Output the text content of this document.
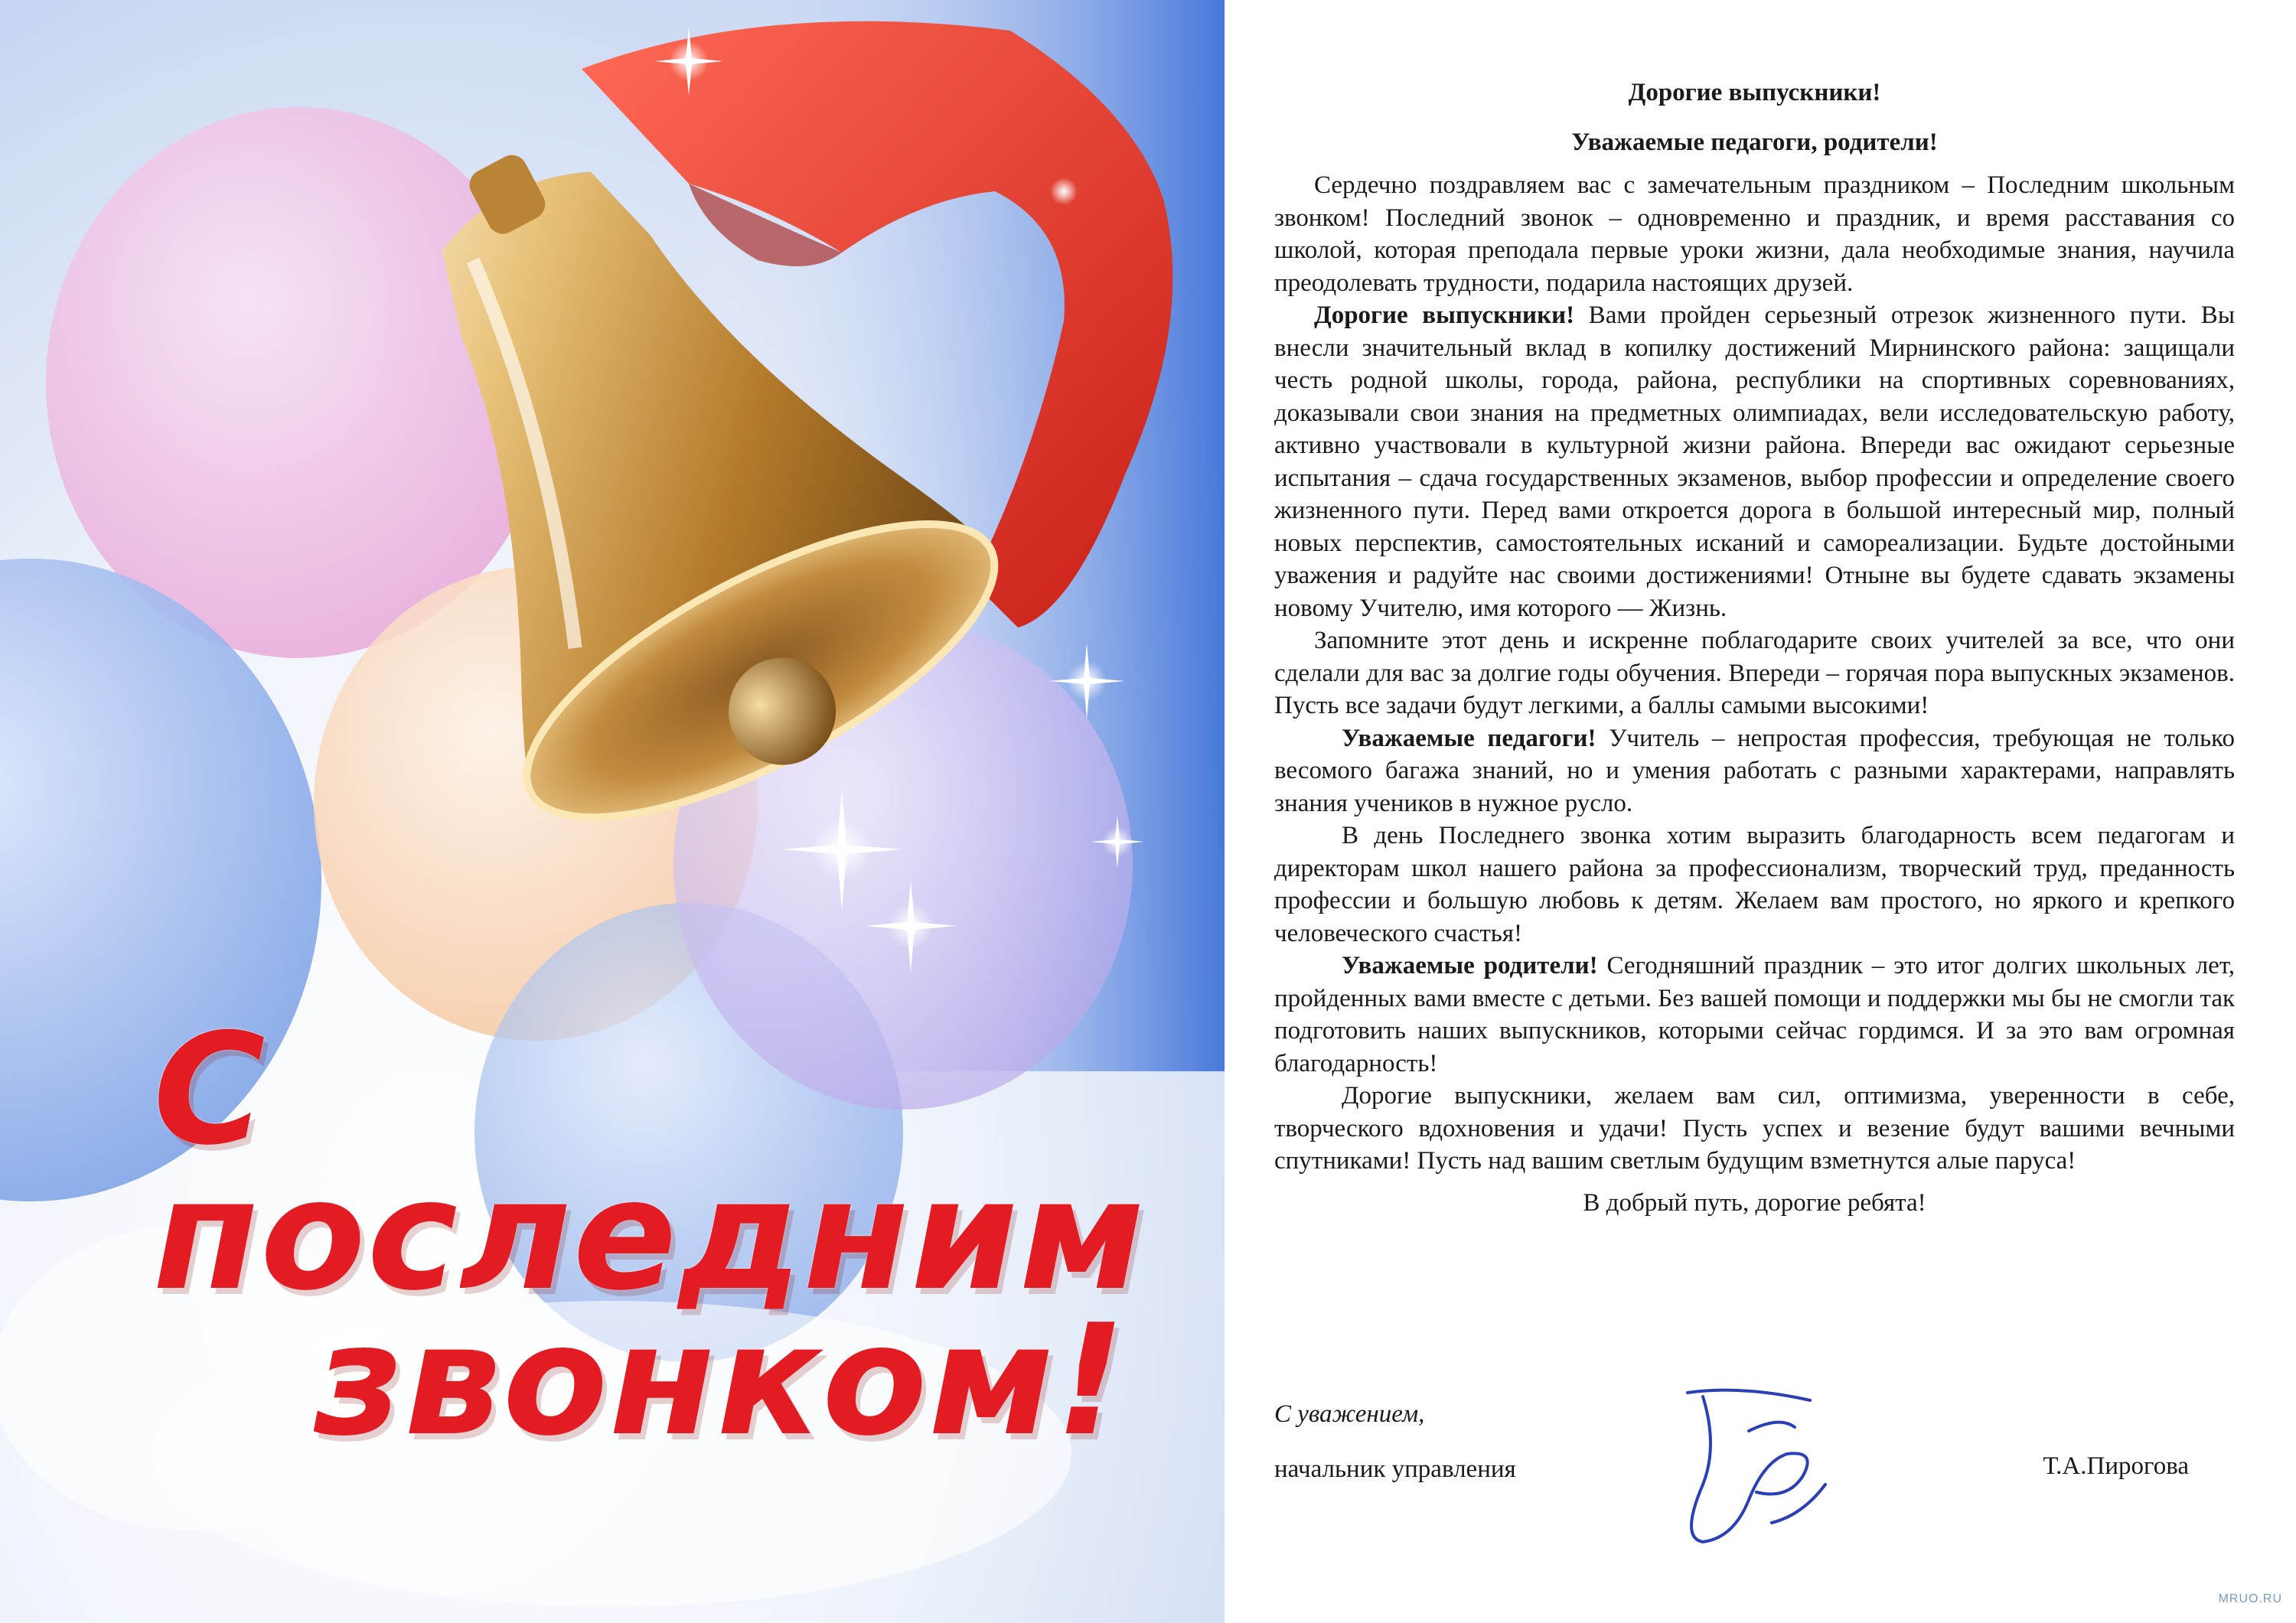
С последним
звонком!

Дорогие выпускники!

Уважаемые педагоги, родители!

Сердечно поздравляем вас с замечательным праздником – Последним школьным звонком! Последний звонок – одновременно и праздник, и время расставания со школой, которая преподала первые уроки жизни, дала необходимые знания, научила преодолевать трудности, подарила настоящих друзей.

Дорогие выпускники! Вами пройден серьезный отрезок жизненного пути. Вы внесли значительный вклад в копилку достижений Мирнинского района: защищали честь родной школы, города, района, республики на спортивных соревнованиях, доказывали свои знания на предметных олимпиадах, вели исследовательскую работу, активно участвовали в культурной жизни района. Впереди вас ожидают серьезные испытания – сдача государственных экзаменов, выбор профессии и определение своего жизненного пути. Перед вами откроется дорога в большой интересный мир, полный новых перспектив, самостоятельных исканий и самореализации. Будьте достойными уважения и радуйте нас своими достижениями! Отныне вы будете сдавать экзамены новому Учителю, имя которого — Жизнь.

Запомните этот день и искренне поблагодарите своих учителей за все, что они сделали для вас за долгие годы обучения. Впереди – горячая пора выпускных экзаменов. Пусть все задачи будут легкими, а баллы самыми высокими!

Уважаемые педагоги! Учитель – непростая профессия, требующая не только весомого багажа знаний, но и умения работать с разными характерами, направлять знания учеников в нужное русло.

В день Последнего звонка хотим выразить благодарность всем педагогам и директорам школ нашего района за профессионализм, творческий труд, преданность профессии и большую любовь к детям. Желаем вам простого, но яркого и крепкого человеческого счастья!

Уважаемые родители! Сегодняшний праздник – это итог долгих школьных лет, пройденных вами вместе с детьми. Без вашей помощи и поддержки мы бы не смогли так подготовить наших выпускников, которыми сейчас гордимся. И за это вам огромная благодарность!

Дорогие выпускники, желаем вам сил, оптимизма, уверенности в себе, творческого вдохновения и удачи! Пусть успех и везение будут вашими вечными спутниками! Пусть над вашим светлым будущим взметнутся алые паруса!

В добрый путь, дорогие ребята!

С уважением,
начальник управления	Т.А.Пирогова
MRUO.RU
